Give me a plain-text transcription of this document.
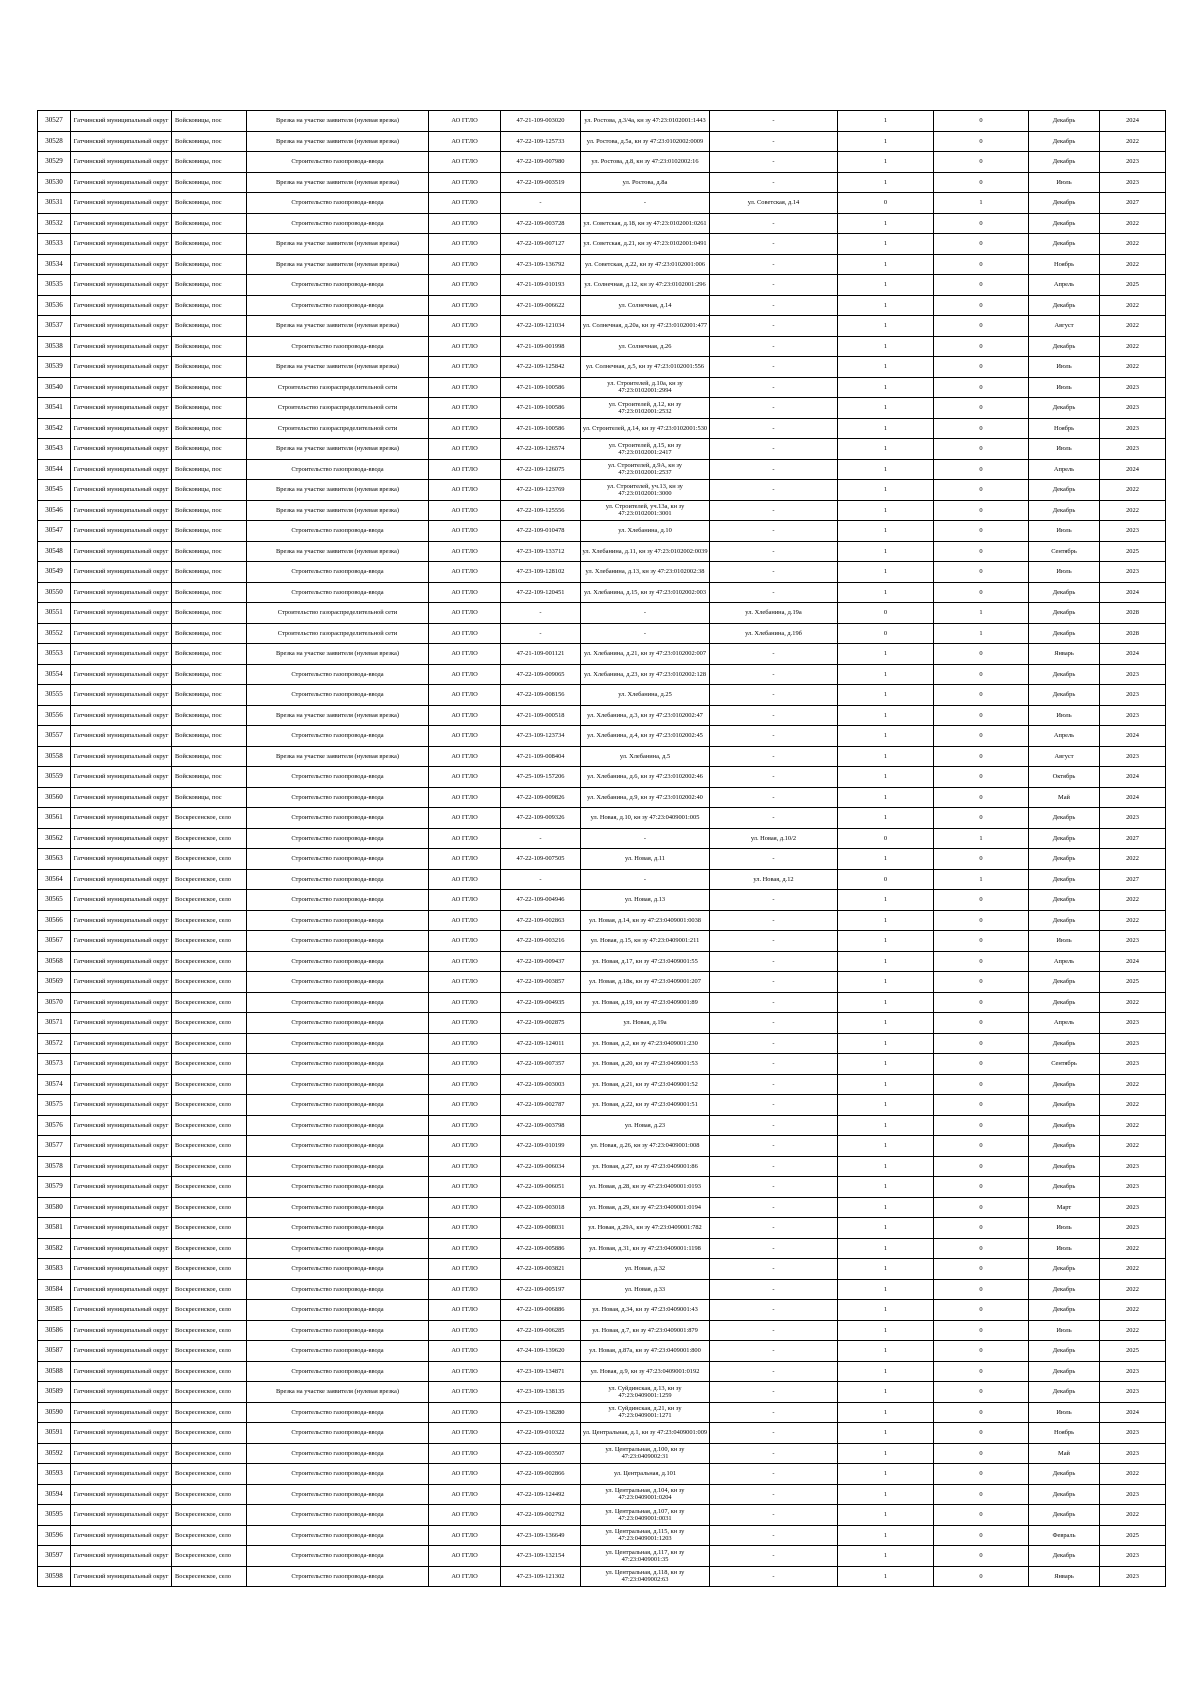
30527	Гатчинский муниципальный округ	Войсковицы, пос	Врезка на участке заявителя (нулевая врезка)	АО ГГЛО	47-21-109-003020	ул. Ростова, д.3/4а, кн зу 47:23:0102001:1443	-	1	0	Декабрь	2024
30528	Гатчинский муниципальный округ	Войсковицы, пос	Врезка на участке заявителя (нулевая врезка)	АО ГГЛО	47-22-109-125733	ул. Ростова, д.5а, кн зу 47:23:0102002:0009	-	1	0	Декабрь	2022
30529	Гатчинский муниципальный округ	Войсковицы, пос	Строительство газопровода-ввода	АО ГГЛО	47-22-109-007980	ул. Ростова, д.8, кн зу 47:23:0102002:16	-	1	0	Декабрь	2023
30530	Гатчинский муниципальный округ	Войсковицы, пос	Врезка на участке заявителя (нулевая врезка)	АО ГГЛО	47-22-109-003519	ул. Ростова, д.8а	-	1	0	Июль	2023
30531	Гатчинский муниципальный округ	Войсковицы, пос	Строительство газопровода-ввода	АО ГГЛО	-	-	ул. Советская, д.14	0	1	Декабрь	2027
30532	Гатчинский муниципальный округ	Войсковицы, пос	Строительство газопровода-ввода	АО ГГЛО	47-22-109-003728	ул. Советская, д.18, кн зу 47:23:0102001:0261	-	1	0	Декабрь	2022
30533	Гатчинский муниципальный округ	Войсковицы, пос	Врезка на участке заявителя (нулевая врезка)	АО ГГЛО	47-22-109-007127	ул. Советская, д.21, кн зу 47:23:0102001:0491	-	1	0	Декабрь	2022
30534	Гатчинский муниципальный округ	Войсковицы, пос	Врезка на участке заявителя (нулевая врезка)	АО ГГЛО	47-23-109-136792	ул. Советская, д.22, кн зу 47:23:0102001:006	-	1	0	Ноябрь	2022
30535	Гатчинский муниципальный округ	Войсковицы, пос	Строительство газопровода-ввода	АО ГГЛО	47-21-109-010193	ул. Солнечная, д.12, кн зу 47:23:0102001:296	-	1	0	Апрель	2025
30536	Гатчинский муниципальный округ	Войсковицы, пос	Строительство газопровода-ввода	АО ГГЛО	47-21-109-006622	ул. Солнечная, д.14	-	1	0	Декабрь	2022
30537	Гатчинский муниципальный округ	Войсковицы, пос	Врезка на участке заявителя (нулевая врезка)	АО ГГЛО	47-22-109-121034	ул. Солнечная, д.20а, кн зу 47:23:0102001:477	-	1	0	Август	2022
30538	Гатчинский муниципальный округ	Войсковицы, пос	Строительство газопровода-ввода	АО ГГЛО	47-21-109-001998	ул. Солнечная, д.26	-	1	0	Декабрь	2022
30539	Гатчинский муниципальный округ	Войсковицы, пос	Врезка на участке заявителя (нулевая врезка)	АО ГГЛО	47-22-109-125842	ул. Солнечная, д.5, кн зу 47:23:0102001:556	-	1	0	Июль	2022
30540	Гатчинский муниципальный округ	Войсковицы, пос	Строительство газораспределительной сети	АО ГГЛО	47-21-109-100586	ул. Строителей, д.10а, кн зу 47:23:0102001:2994	-	1	0	Июль	2023
30541	Гатчинский муниципальный округ	Войсковицы, пос	Строительство газораспределительной сети	АО ГГЛО	47-21-109-100586	ул. Строителей, д.12, кн зу 47:23:0102001:2532	-	1	0	Декабрь	2023
30542	Гатчинский муниципальный округ	Войсковицы, пос	Строительство газораспределительной сети	АО ГГЛО	47-21-109-100586	ул. Строителей, д.14, кн зу 47:23:0102001:530	-	1	0	Ноябрь	2023
30543	Гатчинский муниципальный округ	Войсковицы, пос	Врезка на участке заявителя (нулевая врезка)	АО ГГЛО	47-22-109-126574	ул. Строителей, д.15, кн зу 47:23:0102001:2417	-	1	0	Июль	2023
30544	Гатчинский муниципальный округ	Войсковицы, пос	Строительство газопровода-ввода	АО ГГЛО	47-22-109-126075	ул. Строителей, д.9А, кн зу 47:23:0102001:2537	-	1	0	Апрель	2024
30545	Гатчинский муниципальный округ	Войсковицы, пос	Врезка на участке заявителя (нулевая врезка)	АО ГГЛО	47-22-109-123769	ул. Строителей, уч.13, кн зу 47:23:0102001:3000	-	1	0	Декабрь	2022
30546	Гатчинский муниципальный округ	Войсковицы, пос	Врезка на участке заявителя (нулевая врезка)	АО ГГЛО	47-22-109-125556	ул. Строителей, уч.13а, кн зу 47:23:0102001:3001	-	1	0	Декабрь	2022
30547	Гатчинский муниципальный округ	Войсковицы, пос	Строительство газопровода-ввода	АО ГГЛО	47-22-109-010478	ул. Хлебанина, д.10	-	1	0	Июль	2023
30548	Гатчинский муниципальный округ	Войсковицы, пос	Врезка на участке заявителя (нулевая врезка)	АО ГГЛО	47-23-109-133712	ул. Хлебанина, д.11, кн зу 47:23:0102002:0039	-	1	0	Сентябрь	2025
30549	Гатчинский муниципальный округ	Войсковицы, пос	Строительство газопровода-ввода	АО ГГЛО	47-23-109-128102	ул. Хлебанина, д.13, кн зу 47:23:0102002:38	-	1	0	Июль	2023
30550	Гатчинский муниципальный округ	Войсковицы, пос	Строительство газопровода-ввода	АО ГГЛО	47-22-109-120451	ул. Хлебанина, д.15, кн зу 47:23:0102002:003	-	1	0	Декабрь	2024
30551	Гатчинский муниципальный округ	Войсковицы, пос	Строительство газораспределительной сети	АО ГГЛО	-	-	ул. Хлебанина, д.19а	0	1	Декабрь	2028
30552	Гатчинский муниципальный округ	Войсковицы, пос	Строительство газораспределительной сети	АО ГГЛО	-	-	ул. Хлебанина, д.19б	0	1	Декабрь	2028
30553	Гатчинский муниципальный округ	Войсковицы, пос	Врезка на участке заявителя (нулевая врезка)	АО ГГЛО	47-21-109-001121	ул. Хлебанина, д.21, кн зу 47:23:0102002:007	-	1	0	Январь	2024
30554	Гатчинский муниципальный округ	Войсковицы, пос	Строительство газопровода-ввода	АО ГГЛО	47-22-109-009065	ул. Хлебанина, д.23, кн зу 47:23:0102002:128	-	1	0	Декабрь	2023
30555	Гатчинский муниципальный округ	Войсковицы, пос	Строительство газопровода-ввода	АО ГГЛО	47-22-109-008156	ул. Хлебанина, д.25	-	1	0	Декабрь	2023
30556	Гатчинский муниципальный округ	Войсковицы, пос	Врезка на участке заявителя (нулевая врезка)	АО ГГЛО	47-21-109-000518	ул. Хлебанина, д.3, кн зу 47:23:0102002:47	-	1	0	Июль	2023
30557	Гатчинский муниципальный округ	Войсковицы, пос	Строительство газопровода-ввода	АО ГГЛО	47-23-109-123734	ул. Хлебанина, д.4, кн зу 47:23:0102002:45	-	1	0	Апрель	2024
30558	Гатчинский муниципальный округ	Войсковицы, пос	Врезка на участке заявителя (нулевая врезка)	АО ГГЛО	47-21-109-008404	ул. Хлебанина, д.5	-	1	0	Август	2023
30559	Гатчинский муниципальный округ	Войсковицы, пос	Строительство газопровода-ввода	АО ГГЛО	47-25-109-157206	ул. Хлебанина, д.6, кн зу 47:23:0102002:46	-	1	0	Октябрь	2024
30560	Гатчинский муниципальный округ	Войсковицы, пос	Строительство газопровода-ввода	АО ГГЛО	47-22-109-009826	ул. Хлебанина, д.9, кн зу 47:23:0102002:40	-	1	0	Май	2024
30561	Гатчинский муниципальный округ	Воскресенское, село	Строительство газопровода-ввода	АО ГГЛО	47-22-109-009326	ул. Новая, д.10, кн зу 47:23:0409001:005	-	1	0	Декабрь	2023
30562	Гатчинский муниципальный округ	Воскресенское, село	Строительство газопровода-ввода	АО ГГЛО	-	-	ул. Новая, д.10/2	0	1	Декабрь	2027
30563	Гатчинский муниципальный округ	Воскресенское, село	Строительство газопровода-ввода	АО ГГЛО	47-22-109-007505	ул. Новая, д.11	-	1	0	Декабрь	2022
30564	Гатчинский муниципальный округ	Воскресенское, село	Строительство газопровода-ввода	АО ГГЛО	-	-	ул. Новая, д.12	0	1	Декабрь	2027
30565	Гатчинский муниципальный округ	Воскресенское, село	Строительство газопровода-ввода	АО ГГЛО	47-22-109-004946	ул. Новая, д.13	-	1	0	Декабрь	2022
30566	Гатчинский муниципальный округ	Воскресенское, село	Строительство газопровода-ввода	АО ГГЛО	47-22-109-002863	ул. Новая, д.14, кн зу 47:23:0409001:0038	-	1	0	Декабрь	2022
30567	Гатчинский муниципальный округ	Воскресенское, село	Строительство газопровода-ввода	АО ГГЛО	47-22-109-003216	ул. Новая, д.15, кн зу 47:23:0409001:211	-	1	0	Июль	2023
30568	Гатчинский муниципальный округ	Воскресенское, село	Строительство газопровода-ввода	АО ГГЛО	47-22-109-009437	ул. Новая, д.17, кн зу 47:23:0409001:55	-	1	0	Апрель	2024
30569	Гатчинский муниципальный округ	Воскресенское, село	Строительство газопровода-ввода	АО ГГЛО	47-22-109-003857	ул. Новая, д.18к, кн зу 47:23:0409001:207	-	1	0	Декабрь	2025
30570	Гатчинский муниципальный округ	Воскресенское, село	Строительство газопровода-ввода	АО ГГЛО	47-22-109-004935	ул. Новая, д.19, кн зу 47:23:0409001:89	-	1	0	Декабрь	2022
30571	Гатчинский муниципальный округ	Воскресенское, село	Строительство газопровода-ввода	АО ГГЛО	47-22-109-002875	ул. Новая, д.19а	-	1	0	Апрель	2023
30572	Гатчинский муниципальный округ	Воскресенское, село	Строительство газопровода-ввода	АО ГГЛО	47-22-109-124011	ул. Новая, д.2, кн зу 47:23:0409001:230	-	1	0	Декабрь	2023
30573	Гатчинский муниципальный округ	Воскресенское, село	Строительство газопровода-ввода	АО ГГЛО	47-22-109-007357	ул. Новая, д.20, кн зу 47:23:0409001:53	-	1	0	Сентябрь	2023
30574	Гатчинский муниципальный округ	Воскресенское, село	Строительство газопровода-ввода	АО ГГЛО	47-22-109-003003	ул. Новая, д.21, кн зу 47:23:0409001:52	-	1	0	Декабрь	2022
30575	Гатчинский муниципальный округ	Воскресенское, село	Строительство газопровода-ввода	АО ГГЛО	47-22-109-002787	ул. Новая, д.22, кн зу 47:23:0409001:51	-	1	0	Декабрь	2022
30576	Гатчинский муниципальный округ	Воскресенское, село	Строительство газопровода-ввода	АО ГГЛО	47-22-109-003798	ул. Новая, д.23	-	1	0	Декабрь	2022
30577	Гатчинский муниципальный округ	Воскресенское, село	Строительство газопровода-ввода	АО ГГЛО	47-22-109-010199	ул. Новая, д.26, кн зу 47:23:0409001:008	-	1	0	Декабрь	2022
30578	Гатчинский муниципальный округ	Воскресенское, село	Строительство газопровода-ввода	АО ГГЛО	47-22-109-006034	ул. Новая, д.27, кн зу 47:23:0409001:86	-	1	0	Декабрь	2023
30579	Гатчинский муниципальный округ	Воскресенское, село	Строительство газопровода-ввода	АО ГГЛО	47-22-109-006051	ул. Новая, д.28, кн зу 47:23:0409001:0193	-	1	0	Декабрь	2023
30580	Гатчинский муниципальный округ	Воскресенское, село	Строительство газопровода-ввода	АО ГГЛО	47-22-109-003018	ул. Новая, д.29, кн зу 47:23:0409001:0194	-	1	0	Март	2023
30581	Гатчинский муниципальный округ	Воскресенское, село	Строительство газопровода-ввода	АО ГГЛО	47-22-109-008031	ул. Новая, д.29А, кн зу 47:23:0409001:782	-	1	0	Июль	2023
30582	Гатчинский муниципальный округ	Воскресенское, село	Строительство газопровода-ввода	АО ГГЛО	47-22-109-005886	ул. Новая, д.31, кн зу 47:23:0409001:1198	-	1	0	Июль	2022
30583	Гатчинский муниципальный округ	Воскресенское, село	Строительство газопровода-ввода	АО ГГЛО	47-22-109-003821	ул. Новая, д.32	-	1	0	Декабрь	2022
30584	Гатчинский муниципальный округ	Воскресенское, село	Строительство газопровода-ввода	АО ГГЛО	47-22-109-005197	ул. Новая, д.33	-	1	0	Декабрь	2022
30585	Гатчинский муниципальный округ	Воскресенское, село	Строительство газопровода-ввода	АО ГГЛО	47-22-109-006886	ул. Новая, д.34, кн зу 47:23:0409001:43	-	1	0	Декабрь	2022
30586	Гатчинский муниципальный округ	Воскресенское, село	Строительство газопровода-ввода	АО ГГЛО	47-22-109-006285	ул. Новая, д.7, кн зу 47:23:0409001:879	-	1	0	Июль	2022
30587	Гатчинский муниципальный округ	Воскресенское, село	Строительство газопровода-ввода	АО ГГЛО	47-24-109-139620	ул. Новая, д.87а, кн зу 47:23:0409001:800	-	1	0	Декабрь	2025
30588	Гатчинский муниципальный округ	Воскресенское, село	Строительство газопровода-ввода	АО ГГЛО	47-23-109-134871	ул. Новая, д.9, кн зу 47:23:0409001:0192	-	1	0	Декабрь	2023
30589	Гатчинский муниципальный округ	Воскресенское, село	Врезка на участке заявителя (нулевая врезка)	АО ГГЛО	47-23-109-138135	ул. Суйдинская, д.13, кн зу 47:23:0409001:1259	-	1	0	Декабрь	2023
30590	Гатчинский муниципальный округ	Воскресенское, село	Строительство газопровода-ввода	АО ГГЛО	47-23-109-138280	ул. Суйдинская, д.21, кн зу 47:23:0409001:1271	-	1	0	Июль	2024
30591	Гатчинский муниципальный округ	Воскресенское, село	Строительство газопровода-ввода	АО ГГЛО	47-22-109-010322	ул. Центральная, д.1, кн зу 47:23:0409001:009	-	1	0	Ноябрь	2023
30592	Гатчинский муниципальный округ	Воскресенское, село	Строительство газопровода-ввода	АО ГГЛО	47-22-109-003507	ул. Центральная, д.100, кн зу 47:23:0409002:31	-	1	0	Май	2023
30593	Гатчинский муниципальный округ	Воскресенское, село	Строительство газопровода-ввода	АО ГГЛО	47-22-109-002866	ул. Центральная, д.101	-	1	0	Декабрь	2022
30594	Гатчинский муниципальный округ	Воскресенское, село	Строительство газопровода-ввода	АО ГГЛО	47-22-109-124492	ул. Центральная, д.104, кн зу 47:23:0409001:0204	-	1	0	Декабрь	2023
30595	Гатчинский муниципальный округ	Воскресенское, село	Строительство газопровода-ввода	АО ГГЛО	47-22-109-002792	ул. Центральная, д.107, кн зу 47:23:0409001:0031	-	1	0	Декабрь	2022
30596	Гатчинский муниципальный округ	Воскресенское, село	Строительство газопровода-ввода	АО ГГЛО	47-23-109-136649	ул. Центральная, д.115, кн зу 47:23:0409001:1203	-	1	0	Февраль	2025
30597	Гатчинский муниципальный округ	Воскресенское, село	Строительство газопровода-ввода	АО ГГЛО	47-23-109-132154	ул. Центральная, д.117, кн зу 47:23:0409001:35	-	1	0	Декабрь	2023
30598	Гатчинский муниципальный округ	Воскресенское, село	Строительство газопровода-ввода	АО ГГЛО	47-23-109-121302	ул. Центральная, д.118, кн зу 47:23:0409002:63	-	1	0	Январь	2023
